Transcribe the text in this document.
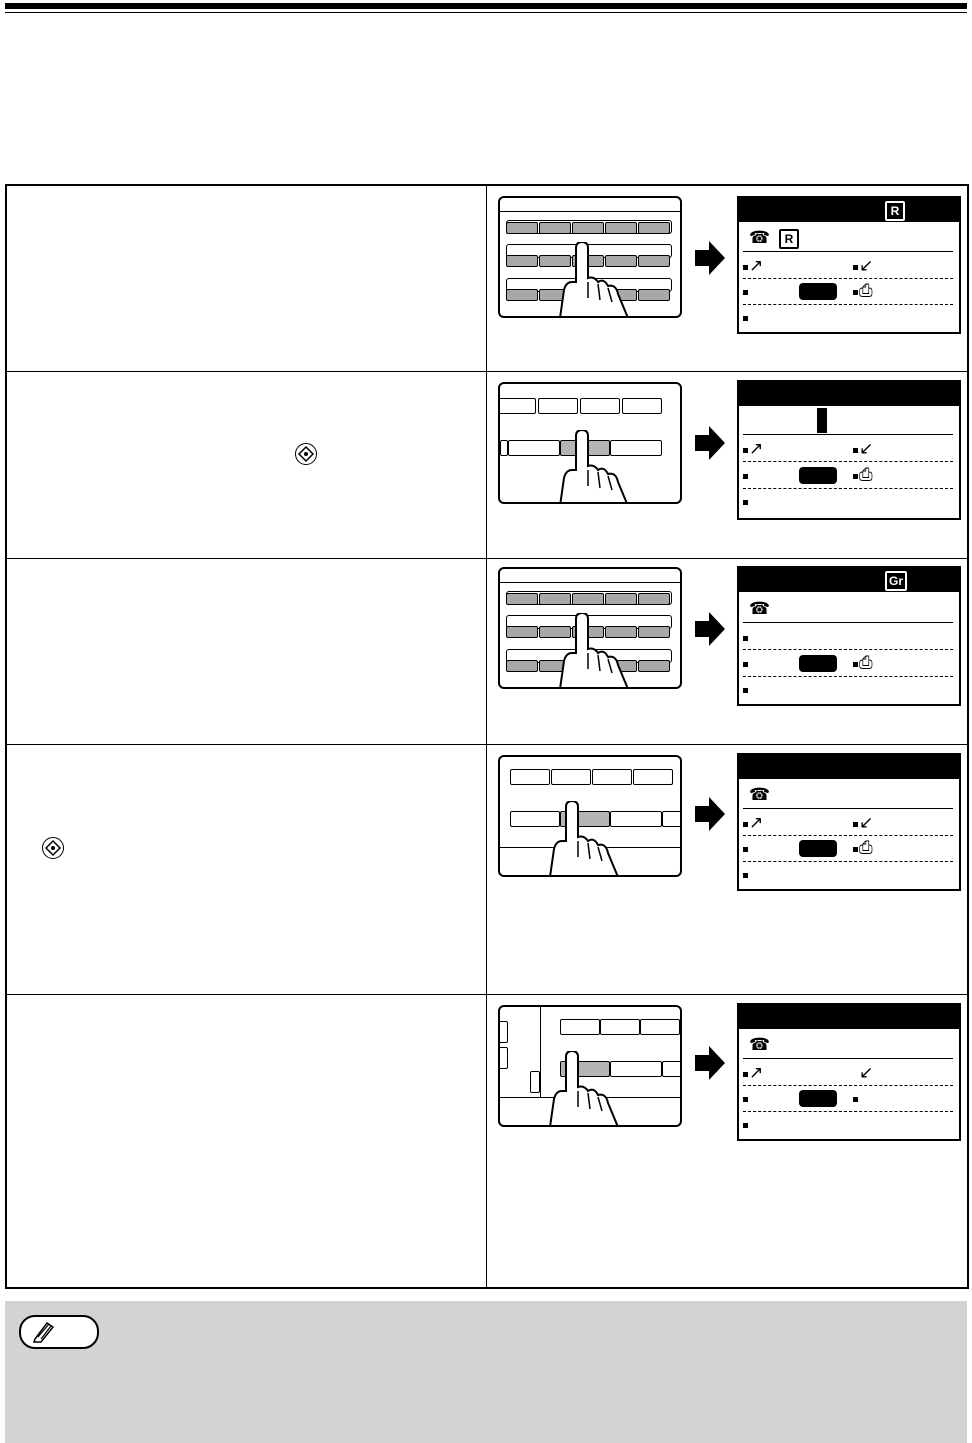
R
☎	R
↗	↙
⎙
↗	↙
⎙
Gr
☎
⎙
☎
↗	↙
⎙
☎
↗	↙
